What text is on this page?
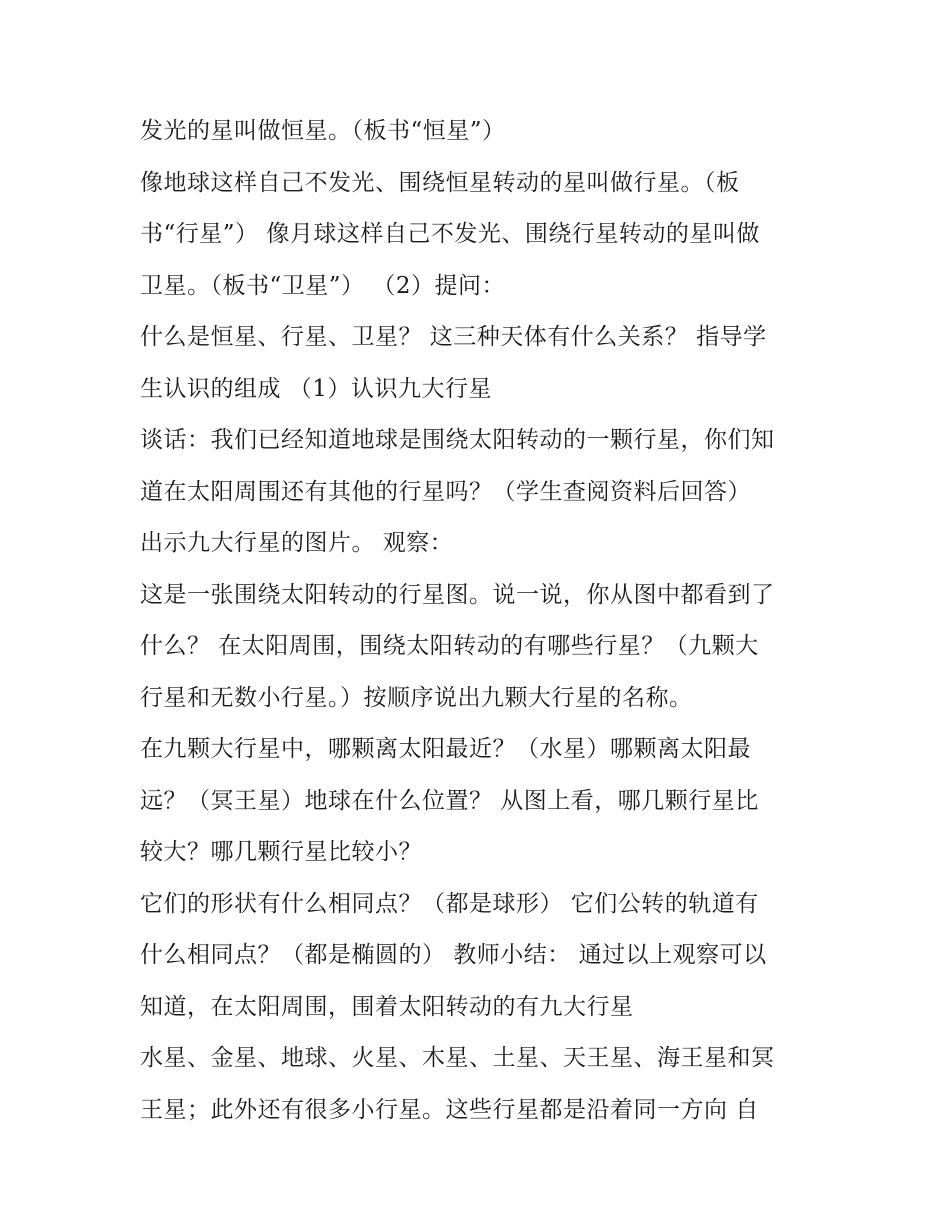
发光的星叫做恒星。（板书“恒星”）
像地球这样自己不发光、围绕恒星转动的星叫做行星。（板
书“行星”） 像月球这样自己不发光、围绕行星转动的星叫做
卫星。（板书“卫星”） （2）提问：
什么是恒星、行星、卫星？ 这三种天体有什么关系？ 指导学
生认识的组成 （1）认识九大行星
谈话：我们已经知道地球是围绕太阳转动的一颗行星，你们知
道在太阳周围还有其他的行星吗？（学生查阅资料后回答）
出示九大行星的图片。 观察：
这是一张围绕太阳转动的行星图。说一说，你从图中都看到了
什么？ 在太阳周围，围绕太阳转动的有哪些行星？（九颗大
行星和无数小行星。）按顺序说出九颗大行星的名称。
在九颗大行星中，哪颗离太阳最近？（水星）哪颗离太阳最
远？（冥王星）地球在什么位置？ 从图上看，哪几颗行星比
较大？哪几颗行星比较小？
它们的形状有什么相同点？（都是球形） 它们公转的轨道有
什么相同点？（都是椭圆的） 教师小结： 通过以上观察可以
知道，在太阳周围，围着太阳转动的有九大行星
水星、金星、地球、火星、木星、土星、天王星、海王星和冥
王星；此外还有很多小行星。这些行星都是沿着同一方向 自
